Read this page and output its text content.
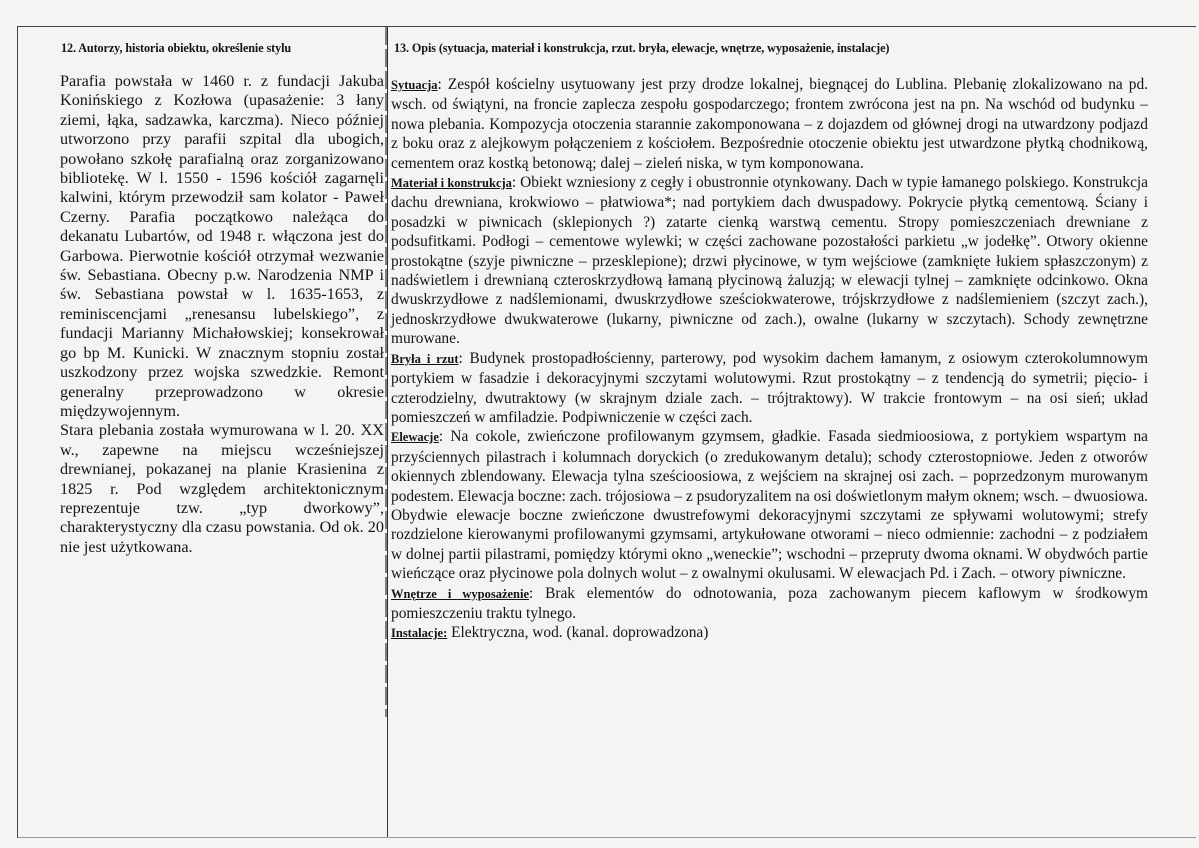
12. Autorzy, historia obiektu, określenie stylu	13. Opis (sytuacja, materiał i konstrukcja, rzut. bryła, elewacje, wnętrze, wyposażenie, instalacje)

Parafia powstała w 1460 r. z fundacji Jakuba Konińskiego z Kozłowa (upasażenie: 3 łany ziemi, łąka, sadzawka, karczma). Nieco później utworzono przy parafii szpital dla ubogich, powołano szkołę parafialną oraz zorganizowano bibliotekę. W l. 1550 - 1596 kościół zagarnęli kalwini, którym przewodził sam kolator - Paweł Czerny. Parafia początkowo należąca do dekanatu Lubartów, od 1948 r. włączona jest do Garbowa. Pierwotnie kościół otrzymał wezwanie św. Sebastiana. Obecny p.w. Narodzenia NMP i św. Sebastiana powstał w l. 1635-1653, z reminiscencjami „renesansu lubelskiego”, z fundacji Marianny Michałowskiej; konsekrował go bp M. Kunicki. W znacznym stopniu został uszkodzony przez wojska szwedzkie. Remont generalny przeprowadzono w okresie międzywojennym.

Stara plebania została wymurowana w l. 20. XX w., zapewne na miejscu wcześniejszej drewnianej, pokazanej na planie Krasienina z 1825 r. Pod względem architektonicznym reprezentuje tzw. „typ dworkowy”, charakterystyczny dla czasu powstania. Od ok. 20 nie jest użytkowana.

Sytuacja: Zespół kościelny usytuowany jest przy drodze lokalnej, biegnącej do Lublina. Plebanię zlokalizowano na pd. wsch. od świątyni, na froncie zaplecza zespołu gospodarczego; frontem zwrócona jest na pn. Na wschód od budynku – nowa plebania. Kompozycja otoczenia starannie zakomponowana – z dojazdem od głównej drogi na utwardzony podjazd z boku oraz z alejkowym połączeniem z kościołem. Bezpośrednie otoczenie obiektu jest utwardzone płytką chodnikową, cementem oraz kostką betonową; dalej – zieleń niska, w tym komponowana.

Materiał i konstrukcja: Obiekt wzniesiony z cegły i obustronnie otynkowany. Dach w typie łamanego polskiego. Konstrukcja dachu drewniana, krokwiowo – płatwiowa*; nad portykiem dach dwuspadowy. Pokrycie płytką cementową. Ściany i posadzki w piwnicach (sklepionych ?) zatarte cienką warstwą cementu. Stropy pomieszczeniach drewniane z podsufitkami. Podłogi – cementowe wylewki; w części zachowane pozostałości parkietu „w jodełkę”. Otwory okienne prostokątne (szyje piwniczne – przesklepione); drzwi płycinowe, w tym wejściowe (zamknięte łukiem spłaszczonym) z nadświetlem i drewnianą czteroskrzydłową łamaną płycinową żaluzją; w elewacji tylnej – zamknięte odcinkowo. Okna dwuskrzydłowe z nadślemionami, dwuskrzydłowe sześciokwaterowe, trójskrzydłowe z nadślemieniem (szczyt zach.), jednoskrzydłowe dwukwaterowe (lukarny, piwniczne od zach.), owalne (lukarny w szczytach). Schody zewnętrzne murowane.

Bryła i rzut: Budynek prostopadłościenny, parterowy, pod wysokim dachem łamanym, z osiowym czterokolumnowym portykiem w fasadzie i dekoracyjnymi szczytami wolutowymi. Rzut prostokątny – z tendencją do symetrii; pięcio- i czterodzielny, dwutraktowy (w skrajnym dziale zach. – trójtraktowy). W trakcie frontowym – na osi sień; układ pomieszczeń w amfiladzie. Podpiwniczenie w części zach.

Elewacje: Na cokole, zwieńczone profilowanym gzymsem, gładkie. Fasada siedmioosiowa, z portykiem wspartym na przyściennych pilastrach i kolumnach doryckich (o zredukowanym detalu); schody czterostopniowe. Jeden z otworów okiennych zblendowany. Elewacja tylna sześcioosiowa, z wejściem na skrajnej osi zach. – poprzedzonym murowanym podestem. Elewacja boczne: zach. trójosiowa – z psudoryzalitem na osi doświetlonym małym oknem; wsch. – dwuosiowa. Obydwie elewacje boczne zwieńczone dwustrefowymi dekoracyjnymi szczytami ze spływami wolutowymi; strefy rozdzielone kierowanymi profilowanymi gzymsami, artykułowane otworami – nieco odmiennie: zachodni – z podziałem w dolnej partii pilastrami, pomiędzy którymi okno „weneckie”; wschodni – przepruty dwoma oknami. W obydwóch partie wieńczące oraz płycinowe pola dolnych wolut – z owalnymi okulusami. W elewacjach Pd. i Zach. – otwory piwniczne.

Wnętrze i wyposażenie: Brak elementów do odnotowania, poza zachowanym piecem kaflowym w środkowym pomieszczeniu traktu tylnego.

Instalacje: Elektryczna, wod. (kanal. doprowadzona)
